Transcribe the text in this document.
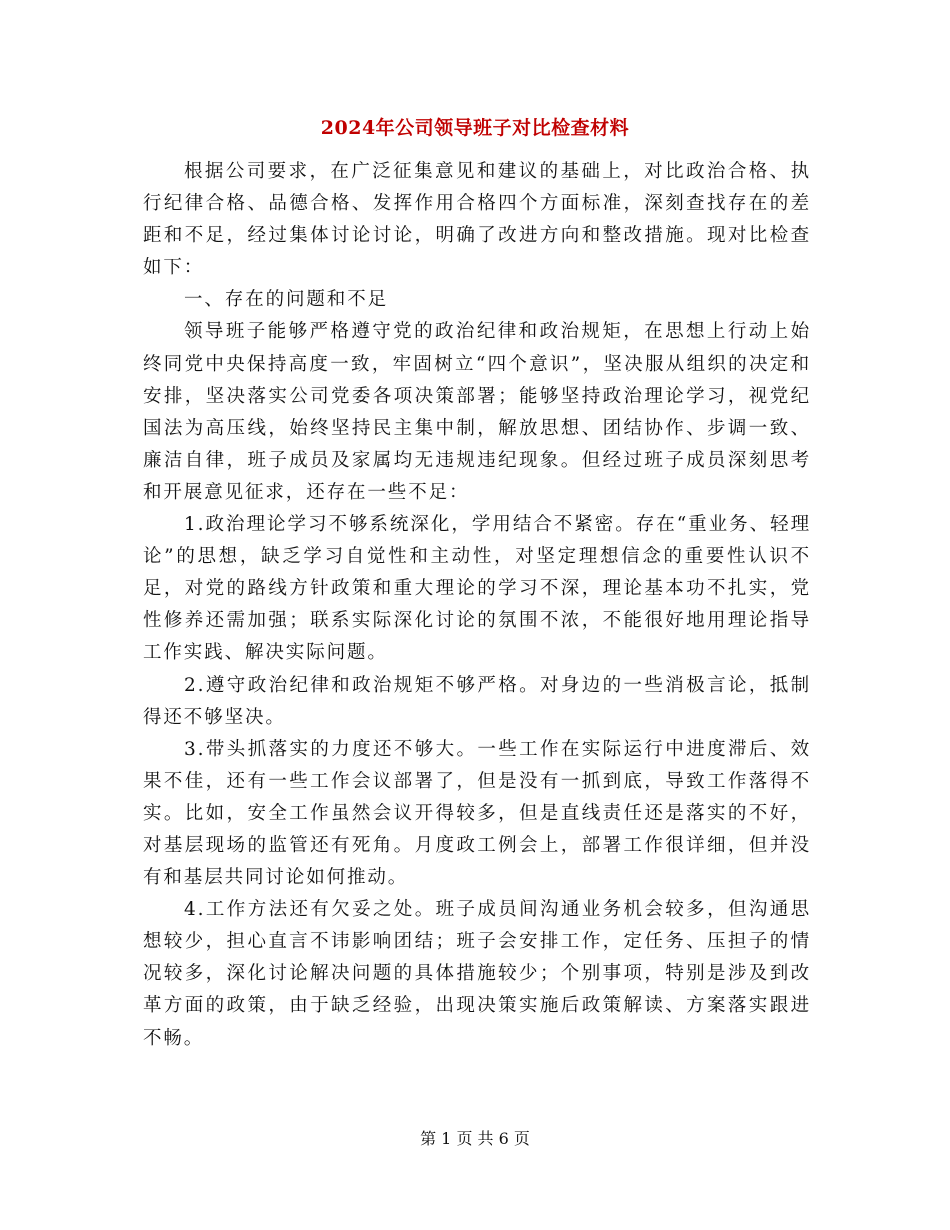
2024年公司领导班子对比检查材料

根据公司要求，在广泛征集意见和建议的基础上，对比政治合格、执行纪律合格、品德合格、发挥作用合格四个方面标准，深刻查找存在的差距和不足，经过集体讨论讨论，明确了改进方向和整改措施。现对比检查如下：

一、存在的问题和不足

领导班子能够严格遵守党的政治纪律和政治规矩，在思想上行动上始终同党中央保持高度一致，牢固树立“四个意识”，坚决服从组织的决定和安排，坚决落实公司党委各项决策部署；能够坚持政治理论学习，视党纪国法为高压线，始终坚持民主集中制，解放思想、团结协作、步调一致、廉洁自律，班子成员及家属均无违规违纪现象。但经过班子成员深刻思考和开展意见征求，还存在一些不足：

1.政治理论学习不够系统深化，学用结合不紧密。存在“重业务、轻理论”的思想，缺乏学习自觉性和主动性，对坚定理想信念的重要性认识不足，对党的路线方针政策和重大理论的学习不深，理论基本功不扎实，党性修养还需加强；联系实际深化讨论的氛围不浓，不能很好地用理论指导工作实践、解决实际问题。

2.遵守政治纪律和政治规矩不够严格。对身边的一些消极言论，抵制得还不够坚决。

3.带头抓落实的力度还不够大。一些工作在实际运行中进度滞后、效果不佳，还有一些工作会议部署了，但是没有一抓到底，导致工作落得不实。比如，安全工作虽然会议开得较多，但是直线责任还是落实的不好，对基层现场的监管还有死角。月度政工例会上，部署工作很详细，但并没有和基层共同讨论如何推动。

4.工作方法还有欠妥之处。班子成员间沟通业务机会较多，但沟通思想较少，担心直言不讳影响团结；班子会安排工作，定任务、压担子的情况较多，深化讨论解决问题的具体措施较少；个别事项，特别是涉及到改革方面的政策，由于缺乏经验，出现决策实施后政策解读、方案落实跟进不畅。

第 1 页 共 6 页
